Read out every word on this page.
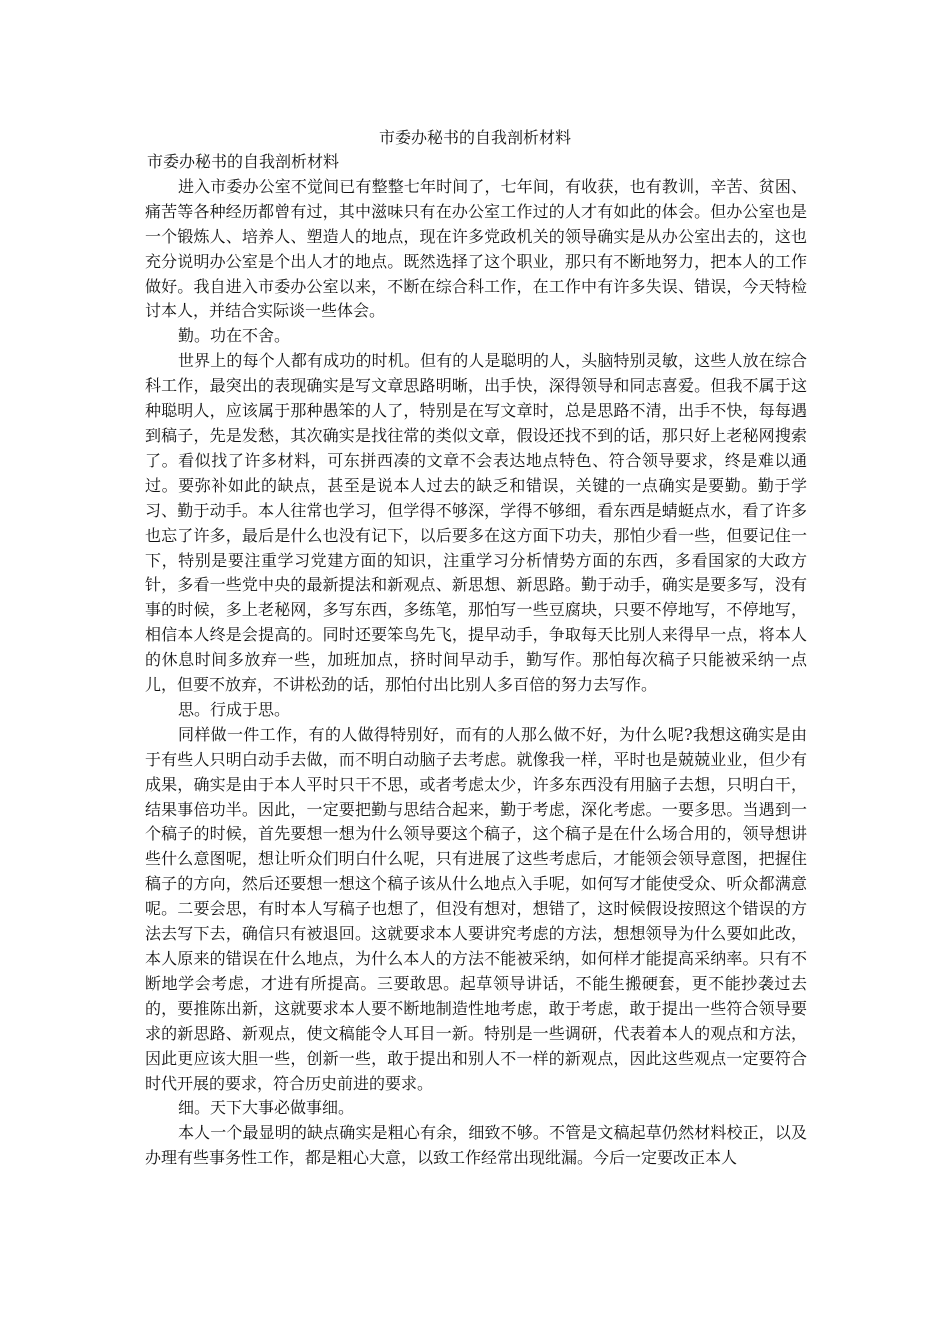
市委办秘书的自我剖析材料

市委办秘书的自我剖析材料

进入市委办公室不觉间已有整整七年时间了，七年间，有收获，也有教训，辛苦、贫困、痛苦等各种经历都曾有过，其中滋味只有在办公室工作过的人才有如此的体会。但办公室也是一个锻炼人、培养人、塑造人的地点，现在许多党政机关的领导确实是从办公室出去的，这也充分说明办公室是个出人才的地点。既然选择了这个职业，那只有不断地努力，把本人的工作做好。我自进入市委办公室以来，不断在综合科工作，在工作中有许多失误、错误，今天特检讨本人，并结合实际谈一些体会。

勤。功在不舍。

世界上的每个人都有成功的时机。但有的人是聪明的人，头脑特别灵敏，这些人放在综合科工作，最突出的表现确实是写文章思路明晰，出手快，深得领导和同志喜爱。但我不属于这种聪明人，应该属于那种愚笨的人了，特别是在写文章时，总是思路不清，出手不快，每每遇到稿子，先是发愁，其次确实是找往常的类似文章，假设还找不到的话，那只好上老秘网搜索了。看似找了许多材料，可东拼西凑的文章不会表达地点特色、符合领导要求，终是难以通过。要弥补如此的缺点，甚至是说本人过去的缺乏和错误，关键的一点确实是要勤。勤于学习、勤于动手。本人往常也学习，但学得不够深，学得不够细，看东西是蜻蜓点水，看了许多也忘了许多，最后是什么也没有记下，以后要多在这方面下功夫，那怕少看一些，但要记住一下，特别是要注重学习党建方面的知识，注重学习分析情势方面的东西，多看国家的大政方针，多看一些党中央的最新提法和新观点、新思想、新思路。勤于动手，确实是要多写，没有事的时候，多上老秘网，多写东西，多练笔，那怕写一些豆腐块，只要不停地写，不停地写，相信本人终是会提高的。同时还要笨鸟先飞，提早动手，争取每天比别人来得早一点，将本人的休息时间多放弃一些，加班加点，挤时间早动手，勤写作。那怕每次稿子只能被采纳一点儿，但要不放弃，不讲松劲的话，那怕付出比别人多百倍的努力去写作。

思。行成于思。

同样做一件工作，有的人做得特别好，而有的人那么做不好，为什么呢?我想这确实是由于有些人只明白动手去做，而不明白动脑子去考虑。就像我一样，平时也是兢兢业业，但少有成果，确实是由于本人平时只干不思，或者考虑太少，许多东西没有用脑子去想，只明白干，结果事倍功半。因此，一定要把勤与思结合起来，勤于考虑，深化考虑。一要多思。当遇到一个稿子的时候，首先要想一想为什么领导要这个稿子，这个稿子是在什么场合用的，领导想讲些什么意图呢，想让听众们明白什么呢，只有进展了这些考虑后，才能领会领导意图，把握住稿子的方向，然后还要想一想这个稿子该从什么地点入手呢，如何写才能使受众、听众都满意呢。二要会思，有时本人写稿子也想了，但没有想对，想错了，这时候假设按照这个错误的方法去写下去，确信只有被退回。这就要求本人要讲究考虑的方法，想想领导为什么要如此改，本人原来的错误在什么地点，为什么本人的方法不能被采纳，如何样才能提高采纳率。只有不断地学会考虑，才进有所提高。三要敢思。起草领导讲话，不能生搬硬套，更不能抄袭过去的，要推陈出新，这就要求本人要不断地制造性地考虑，敢于考虑，敢于提出一些符合领导要求的新思路、新观点，使文稿能令人耳目一新。特别是一些调研，代表着本人的观点和方法，因此更应该大胆一些，创新一些，敢于提出和别人不一样的新观点，因此这些观点一定要符合时代开展的要求，符合历史前进的要求。

细。天下大事必做事细。

本人一个最显明的缺点确实是粗心有余，细致不够。不管是文稿起草仍然材料校正，以及办理有些事务性工作，都是粗心大意，以致工作经常出现纰漏。今后一定要改正本人
